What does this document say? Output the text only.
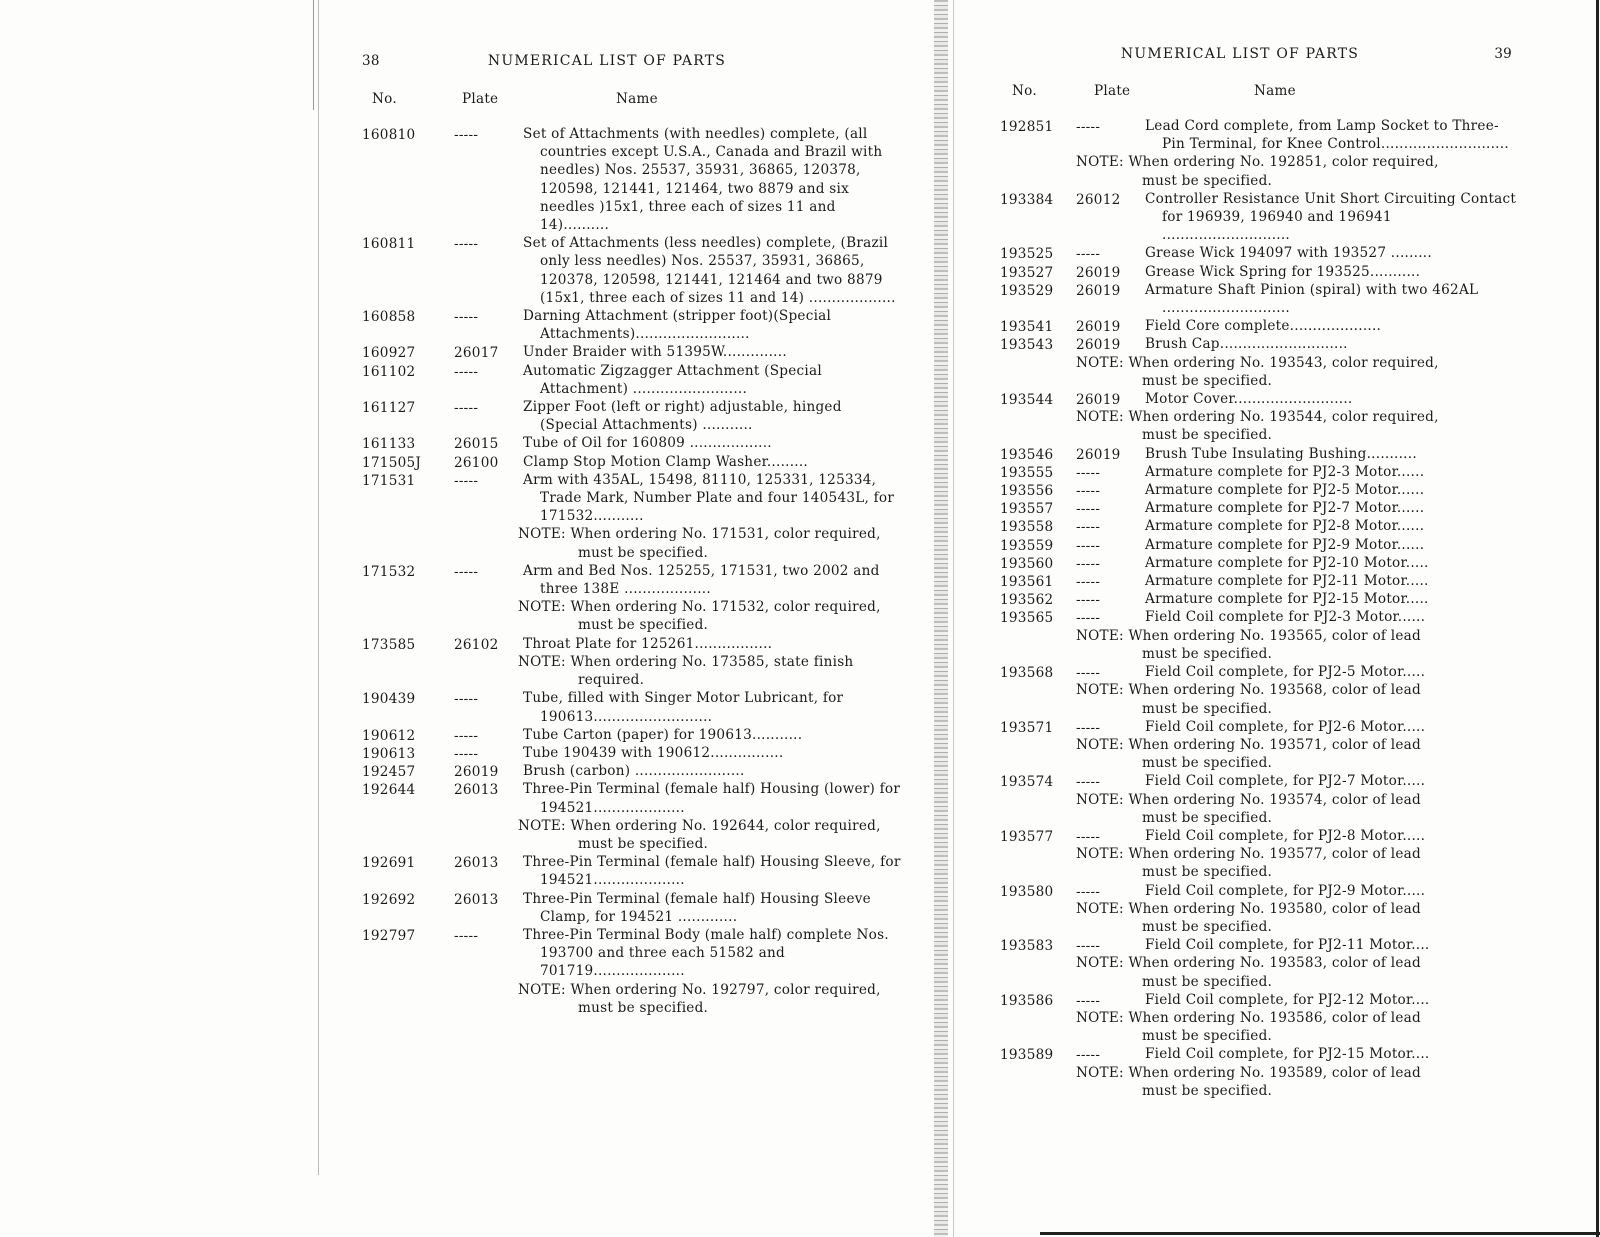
38	NUMERICAL LIST OF PARTS
No.	Plate	Name
160810	-----	Set of Attachments (with needles) complete, (all countries except U.S.A., Canada and Brazil with needles) Nos. 25537, 35931, 36865, 120378, 120598, 121441, 121464, two 8879 and six needles )15x1, three each of sizes 11 and 14)..........
160811	-----	Set of Attachments (less needles) complete, (Brazil only less needles) Nos. 25537, 35931, 36865, 120378, 120598, 121441, 121464 and two 8879 (15x1, three each of sizes 11 and 14) ...................
160858	-----	Darning Attachment (stripper foot)(Special Attachments).........................
160927	26017	Under Braider with 51395W..............
161102	-----	Automatic Zigzagger Attachment (Special Attachment) .........................
161127	-----	Zipper Foot (left or right) adjustable, hinged (Special Attachments) ...........
161133	26015	Tube of Oil for 160809 ..................
171505J 26100	Clamp Stop Motion Clamp Washer.........
171531	-----	Arm with 435AL, 15498, 81110, 125331, 125334, Trade Mark, Number Plate and four 140543L, for 171532...........
NOTE: When ordering No. 171531, color required,
must be specified.
171532	-----	Arm and Bed Nos. 125255, 171531, two 2002 and three 138E ...................
NOTE: When ordering No. 171532, color required,
must be specified.
173585	26102	Throat Plate for 125261.................
NOTE: When ordering No. 173585, state finish
required.
190439	-----	Tube, filled with Singer Motor Lubricant, for 190613..........................
190612	-----	Tube Carton (paper) for 190613...........
190613	-----	Tube 190439 with 190612................
192457	26019	Brush (carbon) ........................
192644	26013	Three-Pin Terminal (female half) Housing (lower) for 194521....................
NOTE: When ordering No. 192644, color required,
must be specified.
192691	26013	Three-Pin Terminal (female half) Housing Sleeve, for 194521....................
192692	26013	Three-Pin Terminal (female half) Housing Sleeve Clamp, for 194521 .............
192797	-----	Three-Pin Terminal Body (male half) complete Nos. 193700 and three each 51582 and 701719....................
NOTE: When ordering No. 192797, color required,
must be specified.
NUMERICAL LIST OF PARTS	39
No.	Plate	Name
192851 -----	Lead Cord complete, from Lamp Socket to Three-Pin Terminal, for Knee Control............................
NOTE: When ordering No. 192851, color required,
must be specified.
193384 26012	Controller Resistance Unit Short Circuiting Contact for 196939, 196940 and 196941 ............................
193525 -----	Grease Wick 194097 with 193527 .........
193527 26019	Grease Wick Spring for 193525...........
193529 26019	Armature Shaft Pinion (spiral) with two 462AL ............................
193541 26019	Field Core complete....................
193543 26019	Brush Cap............................
NOTE: When ordering No. 193543, color required,
must be specified.
193544 26019	Motor Cover..........................
NOTE: When ordering No. 193544, color required,
must be specified.
193546 26019	Brush Tube Insulating Bushing...........
193555 -----	Armature complete for PJ2-3 Motor......
193556 -----	Armature complete for PJ2-5 Motor......
193557 -----	Armature complete for PJ2-7 Motor......
193558 -----	Armature complete for PJ2-8 Motor......
193559 -----	Armature complete for PJ2-9 Motor......
193560 -----	Armature complete for PJ2-10 Motor.....
193561 -----	Armature complete for PJ2-11 Motor.....
193562 -----	Armature complete for PJ2-15 Motor.....
193565 -----	Field Coil complete for PJ2-3 Motor......
NOTE: When ordering No. 193565, color of lead
must be specified.
193568 -----	Field Coil complete, for PJ2-5 Motor.....
NOTE: When ordering No. 193568, color of lead
must be specified.
193571 -----	Field Coil complete, for PJ2-6 Motor.....
NOTE: When ordering No. 193571, color of lead
must be specified.
193574 -----	Field Coil complete, for PJ2-7 Motor.....
NOTE: When ordering No. 193574, color of lead
must be specified.
193577 -----	Field Coil complete, for PJ2-8 Motor.....
NOTE: When ordering No. 193577, color of lead
must be specified.
193580 -----	Field Coil complete, for PJ2-9 Motor.....
NOTE: When ordering No. 193580, color of lead
must be specified.
193583 -----	Field Coil complete, for PJ2-11 Motor....
NOTE: When ordering No. 193583, color of lead
must be specified.
193586 -----	Field Coil complete, for PJ2-12 Motor....
NOTE: When ordering No. 193586, color of lead
must be specified.
193589 -----	Field Coil complete, for PJ2-15 Motor....
NOTE: When ordering No. 193589, color of lead
must be specified.
